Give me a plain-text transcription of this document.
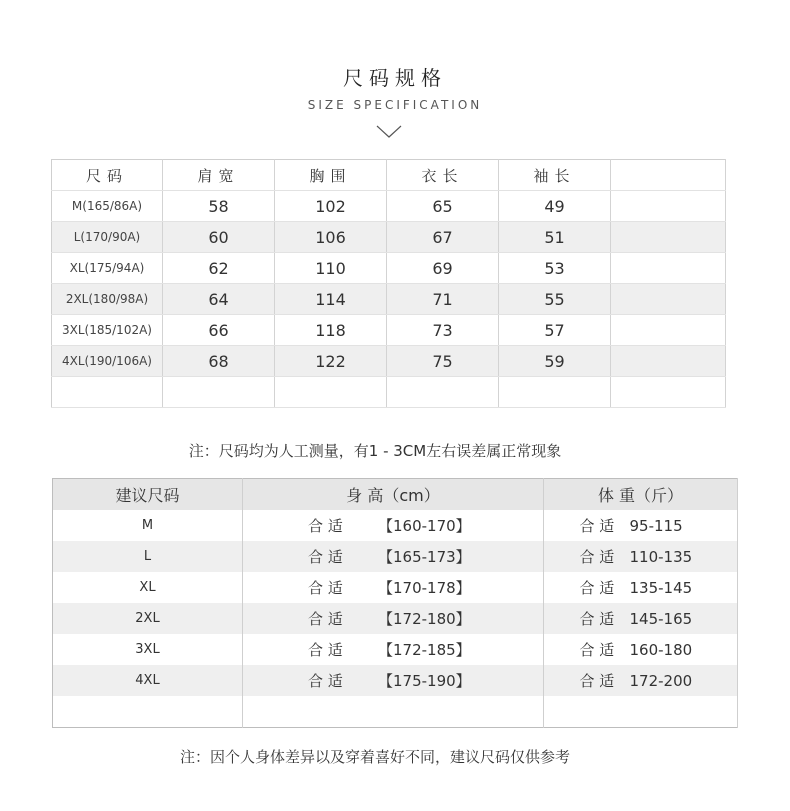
尺码规格
SIZE SPECIFICATION
尺码	肩宽	胸围	衣长	袖长	
M(165/86A)	58	102	65	49	
L(170/90A)	60	106	67	51	
XL(175/94A)	62	110	69	53	
2XL(180/98A)	64	114	71	55	
3XL(185/102A)	66	118	73	57	
4XL(190/106A)	68	122	75	59	

注：尺码均为人工测量，有1 - 3CM左右误差属正常现象
建议尺码	身 高（cm）	体 重（斤）
M	合 适 【160-170】	合 适 95-115
L	合 适 【165-173】	合 适 110-135
XL	合 适 【170-178】	合 适 135-145
2XL	合 适 【172-180】	合 适 145-165
3XL	合 适 【172-185】	合 适 160-180
4XL	合 适 【175-190】	合 适 172-200

注：因个人身体差异以及穿着喜好不同，建议尺码仅供参考
